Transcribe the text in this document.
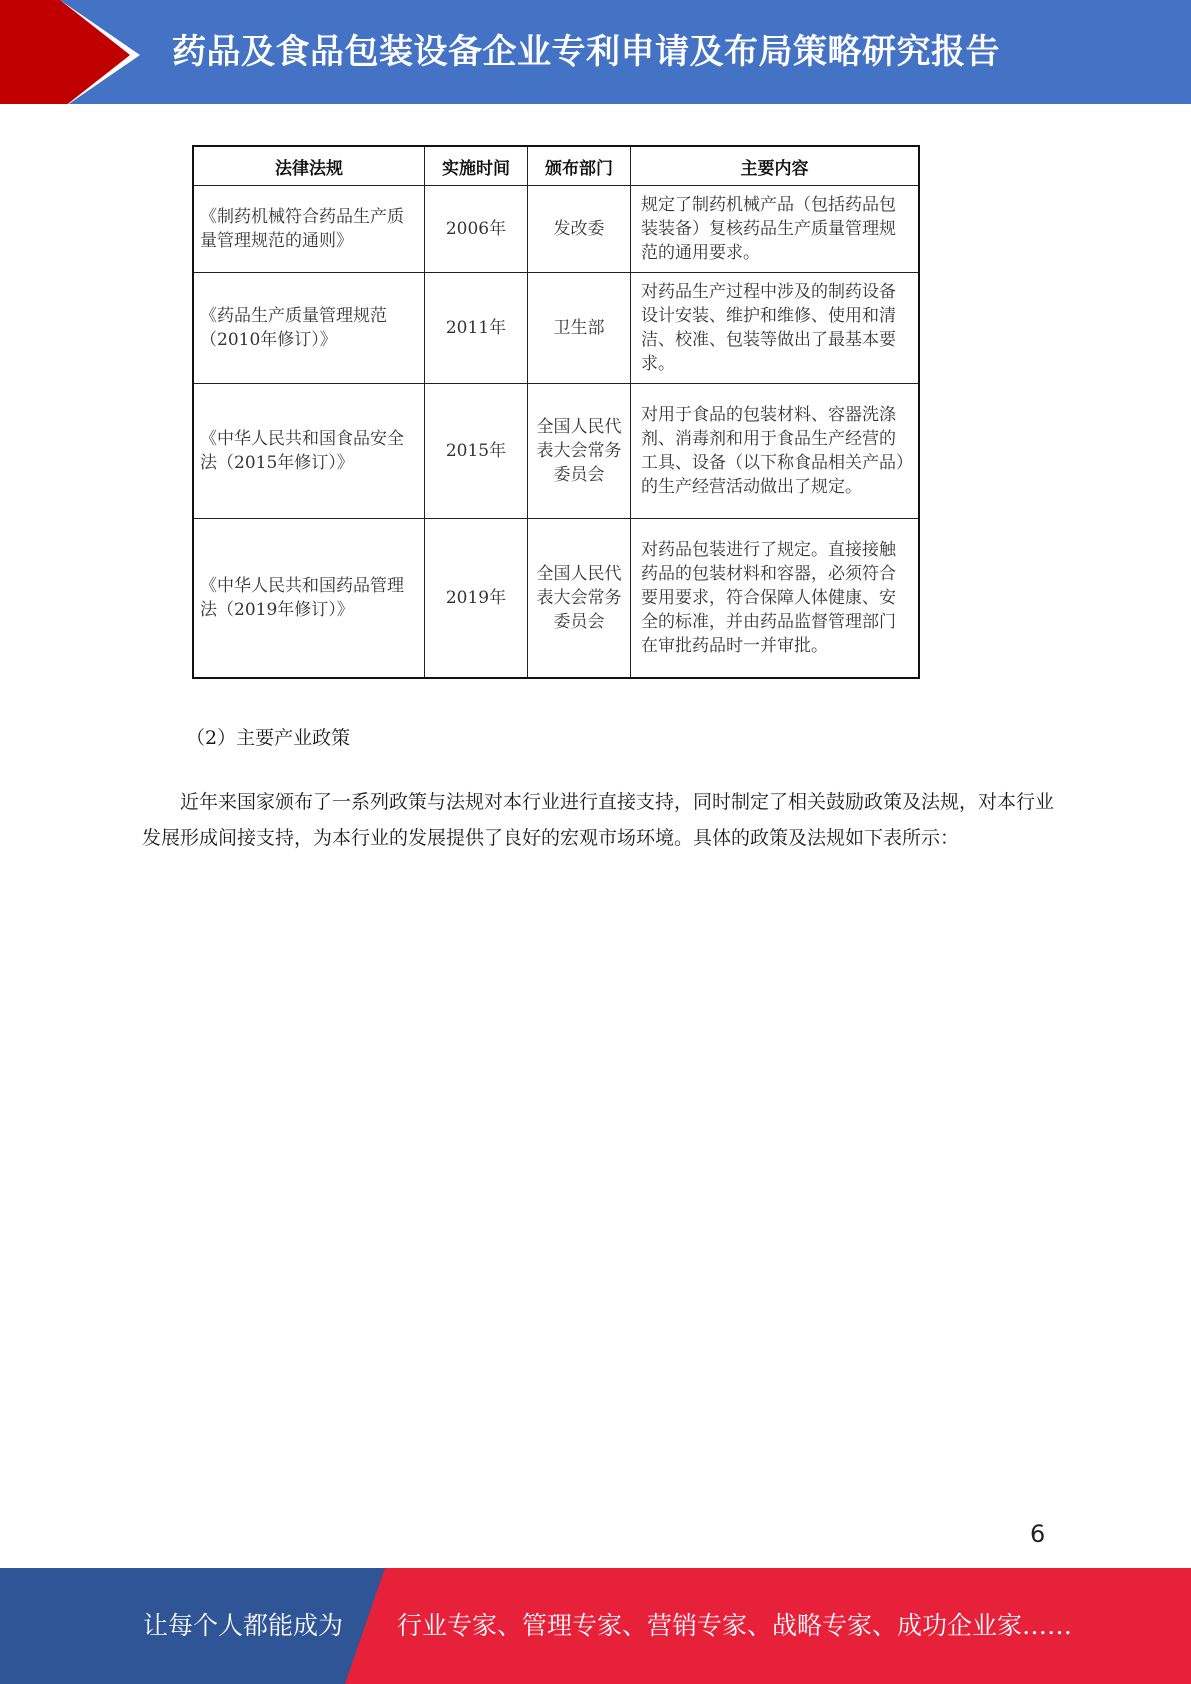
药品及食品包装设备企业专利申请及布局策略研究报告
法律法规	实施时间	颁布部门	主要内容
《制药机械符合药品生产质量管理规范的通则》	2006年	发改委	规定了制药机械产品（包括药品包装装备）复核药品生产质量管理规范的通用要求。
《药品生产质量管理规范（2010年修订）》	2011年	卫生部	对药品生产过程中涉及的制药设备设计安装、维护和维修、使用和清洁、校准、包装等做出了最基本要求。
《中华人民共和国食品安全法（2015年修订）》	2015年	全国人民代表大会常务委员会	对用于食品的包装材料、容器洗涤剂、消毒剂和用于食品生产经营的工具、设备（以下称食品相关产品）的生产经营活动做出了规定。
《中华人民共和国药品管理法（2019年修订）》	2019年	全国人民代表大会常务委员会	对药品包装进行了规定。直接接触药品的包装材料和容器，必须符合要用要求，符合保障人体健康、安全的标准，并由药品监督管理部门在审批药品时一并审批。
（2）主要产业政策

近年来国家颁布了一系列政策与法规对本行业进行直接支持，同时制定了相关鼓励政策及法规，对本行业发展形成间接支持，为本行业的发展提供了良好的宏观市场环境。具体的政策及法规如下表所示：

6
让每个人都能成为 行业专家、管理专家、营销专家、战略专家、成功企业家……
